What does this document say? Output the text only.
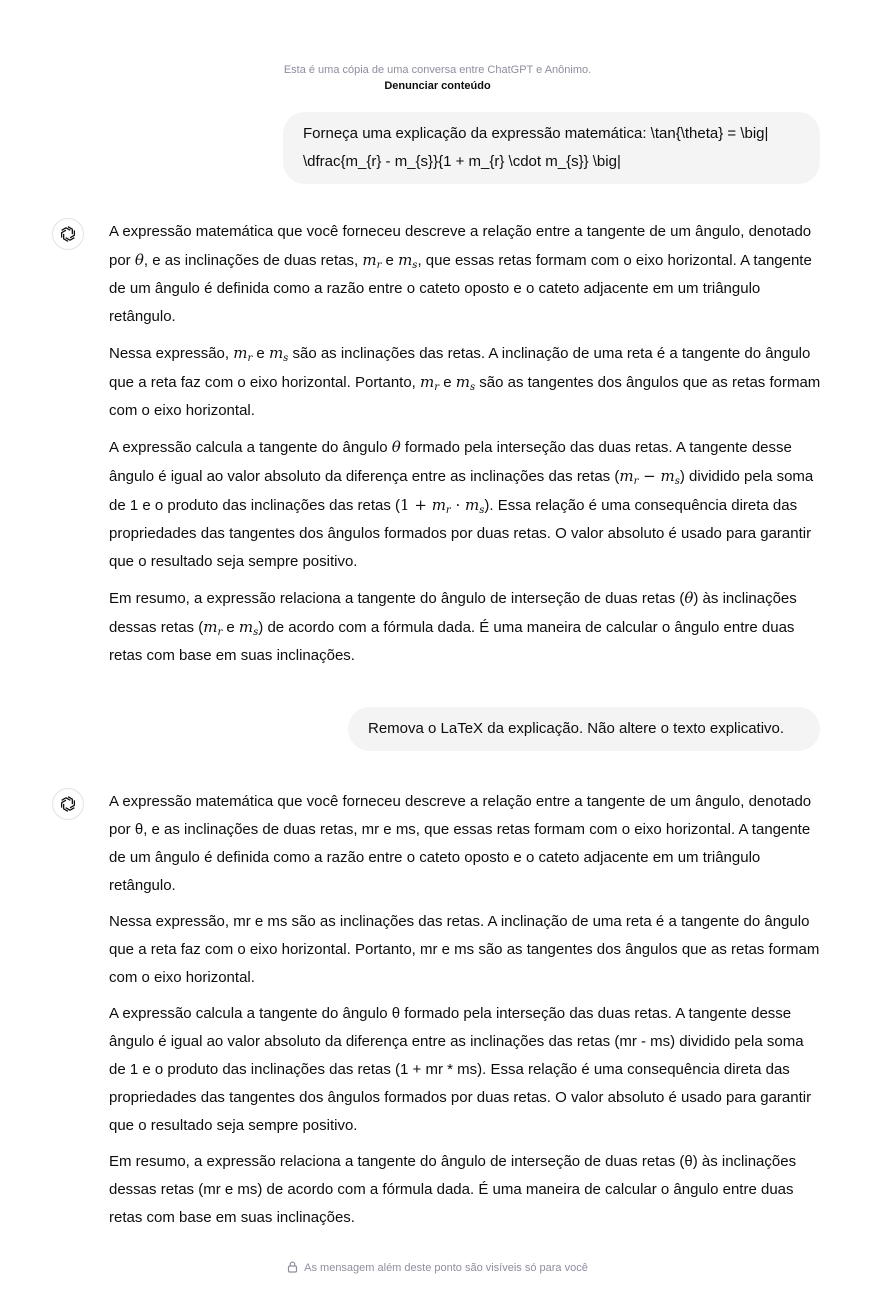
Esta é uma cópia de uma conversa entre ChatGPT e Anônimo.
Denunciar conteúdo
Forneça uma explicação da expressão matemática: \tan{\theta} = \big|
\dfrac{m_{r} - m_{s}}{1 + m_{r} \cdot m_{s}} \big|

A expressão matemática que você forneceu descreve a relação entre a tangente de um ângulo, denotado por θ, e as inclinações de duas retas, $m_r$ e $m_s$, que essas retas formam com o eixo horizontal. A tangente de um ângulo é definida como a razão entre o cateto oposto e o cateto adjacente em um triângulo retângulo.

Nessa expressão, $m_r$ e $m_s$ são as inclinações das retas. A inclinação de uma reta é a tangente do ângulo que a reta faz com o eixo horizontal. Portanto, $m_r$ e $m_s$ são as tangentes dos ângulos que as retas formam com o eixo horizontal.

A expressão calcula a tangente do ângulo θ formado pela interseção das duas retas. A tangente desse ângulo é igual ao valor absoluto da diferença entre as inclinações das retas $(m_r - m_s)$ dividido pela soma de 1 e o produto das inclinações das retas $(1 + m_r \cdot m_s)$. Essa relação é uma consequência direta das propriedades das tangentes dos ângulos formados por duas retas. O valor absoluto é usado para garantir que o resultado seja sempre positivo.

Em resumo, a expressão relaciona a tangente do ângulo de interseção de duas retas (θ) às inclinações dessas retas ($m_r$ e $m_s$) de acordo com a fórmula dada. É uma maneira de calcular o ângulo entre duas retas com base em suas inclinações.

Remova o LaTeX da explicação. Não altere o texto explicativo.

A expressão matemática que você forneceu descreve a relação entre a tangente de um ângulo, denotado por θ, e as inclinações de duas retas, mr e ms, que essas retas formam com o eixo horizontal. A tangente de um ângulo é definida como a razão entre o cateto oposto e o cateto adjacente em um triângulo retângulo.

Nessa expressão, mr e ms são as inclinações das retas. A inclinação de uma reta é a tangente do ângulo que a reta faz com o eixo horizontal. Portanto, mr e ms são as tangentes dos ângulos que as retas formam com o eixo horizontal.

A expressão calcula a tangente do ângulo θ formado pela interseção das duas retas. A tangente desse ângulo é igual ao valor absoluto da diferença entre as inclinações das retas (mr - ms) dividido pela soma de 1 e o produto das inclinações das retas (1 + mr * ms). Essa relação é uma consequência direta das propriedades das tangentes dos ângulos formados por duas retas. O valor absoluto é usado para garantir que o resultado seja sempre positivo.

Em resumo, a expressão relaciona a tangente do ângulo de interseção de duas retas (θ) às inclinações dessas retas (mr e ms) de acordo com a fórmula dada. É uma maneira de calcular o ângulo entre duas retas com base em suas inclinações.

As mensagem além deste ponto são visíveis só para você
